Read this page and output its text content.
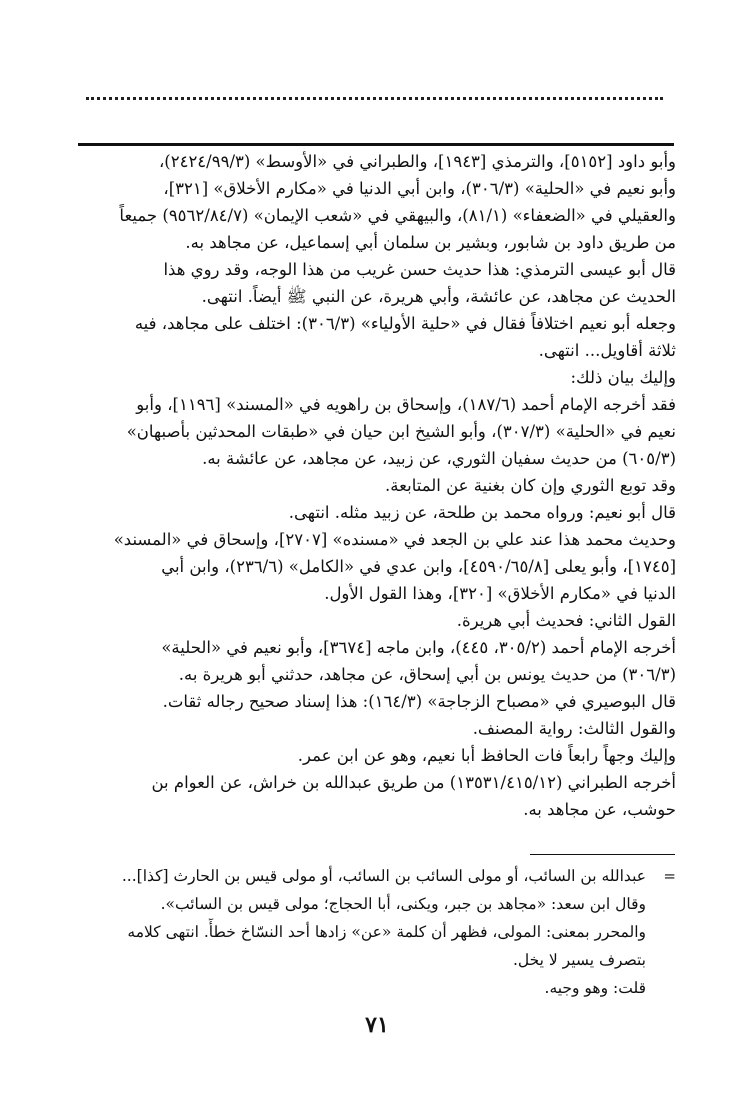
وأبو داود [٥١٥٢]، والترمذي [١٩٤٣]، والطبراني في «الأوسط» (٢٤٢٤/٩٩/٣)،
وأبو نعيم في «الحلية» (٣٠٦/٣)، وابن أبي الدنيا في «مكارم الأخلاق» [٣٢١]،
والعقيلي في «الضعفاء» (٨١/١)، والبيهقي في «شعب الإيمان» (٩٥٦٢/٨٤/٧) جميعاً
من طريق داود بن شابور، وبشير بن سلمان أبي إسماعيل، عن مجاهد به.
قال أبو عيسى الترمذي: هذا حديث حسن غريب من هذا الوجه، وقد روي هذا
الحديث عن مجاهد، عن عائشة، وأبي هريرة، عن النبي ﷺ أيضاً. انتهى.
وجعله أبو نعيم اختلافاً فقال في «حلية الأولياء» (٣٠٦/٣): اختلف على مجاهد، فيه
ثلاثة أقاويل... انتهى.
وإليك بيان ذلك:
فقد أخرجه الإمام أحمد (١٨٧/٦)، وإسحاق بن راهويه في «المسند» [١١٩٦]، وأبو
نعيم في «الحلية» (٣٠٧/٣)، وأبو الشيخ ابن حيان في «طبقات المحدثين بأصبهان»
(٦٠٥/٣) من حديث سفيان الثوري، عن زبيد، عن مجاهد، عن عائشة به.
وقد توبع الثوري وإن كان بغنية عن المتابعة.
قال أبو نعيم: ورواه محمد بن طلحة، عن زبيد مثله. انتهى.
وحديث محمد هذا عند علي بن الجعد في «مسنده» [٢٧٠٧]، وإسحاق في «المسند»
[١٧٤٥]، وأبو يعلى [٤٥٩٠/٦٥/٨]، وابن عدي في «الكامل» (٢٣٦/٦)، وابن أبي
الدنيا في «مكارم الأخلاق» [٣٢٠]، وهذا القول الأول.
القول الثاني: فحديث أبي هريرة.
أخرجه الإمام أحمد (٣٠٥/٢، ٤٤٥)، وابن ماجه [٣٦٧٤]، وأبو نعيم في «الحلية»
(٣٠٦/٣) من حديث يونس بن أبي إسحاق، عن مجاهد، حدثني أبو هريرة به.
قال البوصيري في «مصباح الزجاجة» (١٦٤/٣): هذا إسناد صحيح رجاله ثقات.
والقول الثالث: رواية المصنف.
وإليك وجهاً رابعاً فات الحافظ أبا نعيم، وهو عن ابن عمر.
أخرجه الطبراني (١٣٥٣١/٤١٥/١٢) من طريق عبدالله بن خراش، عن العوام بن
حوشب، عن مجاهد به.
=
عبدالله بن السائب، أو مولى السائب بن السائب، أو مولى قيس بن الحارث [كذا]...
وقال ابن سعد: «مجاهد بن جبر، ويكنى، أبا الحجاج؛ مولى قيس بن السائب».
والمحرر بمعنى: المولى، فظهر أن كلمة «عن» زادها أحد النسّاخ خطأً. انتهى كلامه
بتصرف يسير لا يخل.
قلت: وهو وجيه.
٧١
